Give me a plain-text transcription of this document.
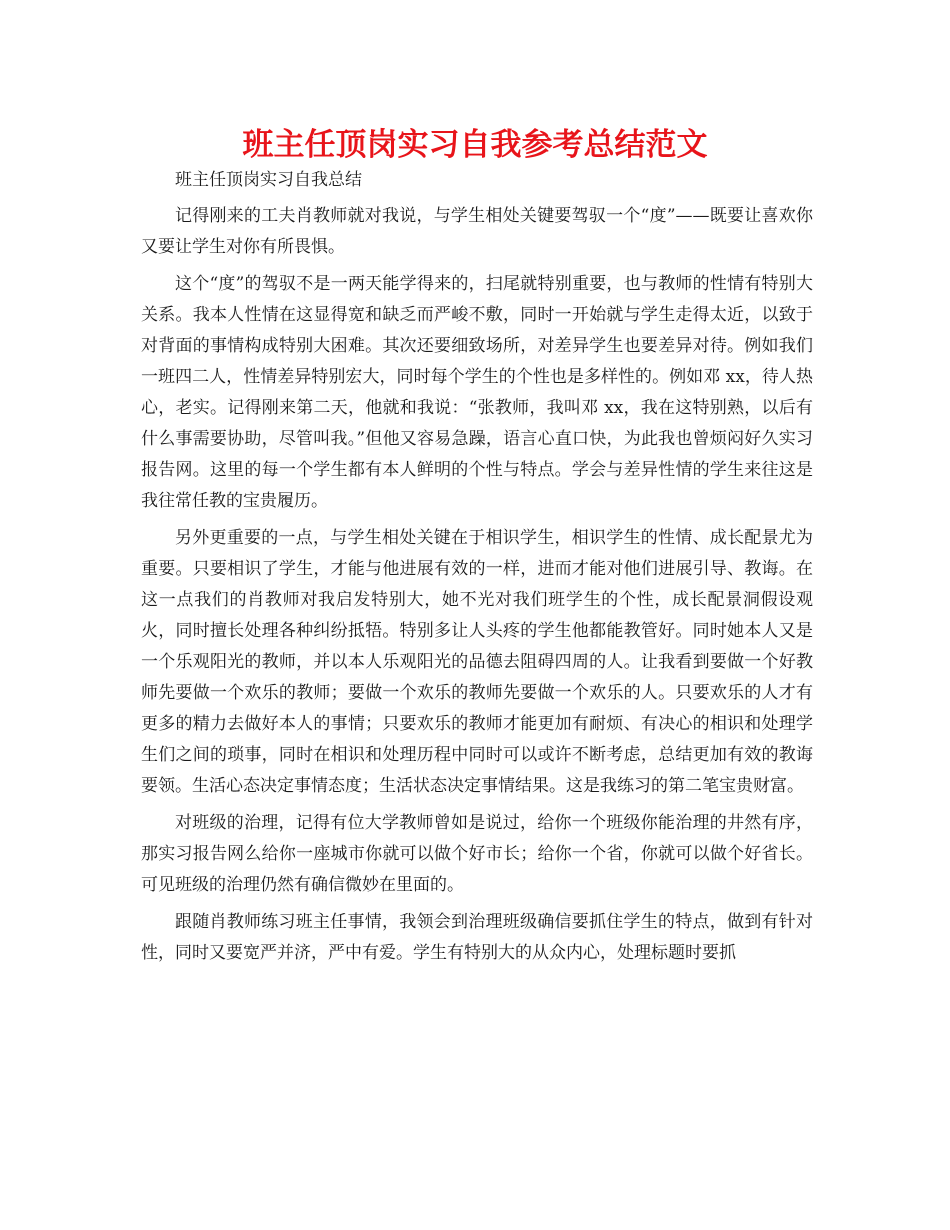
班主任顶岗实习自我参考总结范文

班主任顶岗实习自我总结

记得刚来的工夫肖教师就对我说，与学生相处关键要驾驭一个“度”——既要让喜欢你又要让学生对你有所畏惧。

这个“度”的驾驭不是一两天能学得来的，扫尾就特别重要，也与教师的性情有特别大关系。我本人性情在这显得宽和缺乏而严峻不敷，同时一开始就与学生走得太近，以致于对背面的事情构成特别大困难。其次还要细致场所，对差异学生也要差异对待。例如我们一班四二人，性情差异特别宏大，同时每个学生的个性也是多样性的。例如邓 xx，待人热心，老实。记得刚来第二天，他就和我说：“张教师，我叫邓 xx，我在这特别熟，以后有什么事需要协助，尽管叫我。”但他又容易急躁，语言心直口快，为此我也曾烦闷好久实习报告网。这里的每一个学生都有本人鲜明的个性与特点。学会与差异性情的学生来往这是我往常任教的宝贵履历。

另外更重要的一点，与学生相处关键在于相识学生，相识学生的性情、成长配景尤为重要。只要相识了学生，才能与他进展有效的一样，进而才能对他们进展引导、教诲。在这一点我们的肖教师对我启发特别大，她不光对我们班学生的个性，成长配景洞假设观火，同时擅长处理各种纠纷抵牾。特别多让人头疼的学生他都能教管好。同时她本人又是一个乐观阳光的教师，并以本人乐观阳光的品德去阻碍四周的人。让我看到要做一个好教师先要做一个欢乐的教师；要做一个欢乐的教师先要做一个欢乐的人。只要欢乐的人才有更多的精力去做好本人的事情；只要欢乐的教师才能更加有耐烦、有决心的相识和处理学生们之间的琐事，同时在相识和处理历程中同时可以或许不断考虑，总结更加有效的教诲要领。生活心态决定事情态度；生活状态决定事情结果。这是我练习的第二笔宝贵财富。

对班级的治理，记得有位大学教师曾如是说过，给你一个班级你能治理的井然有序，那实习报告网么给你一座城市你就可以做个好市长；给你一个省，你就可以做个好省长。可见班级的治理仍然有确信微妙在里面的。

跟随肖教师练习班主任事情，我领会到治理班级确信要抓住学生的特点，做到有针对性，同时又要宽严并济，严中有爱。学生有特别大的从众内心，处理标题时要抓
